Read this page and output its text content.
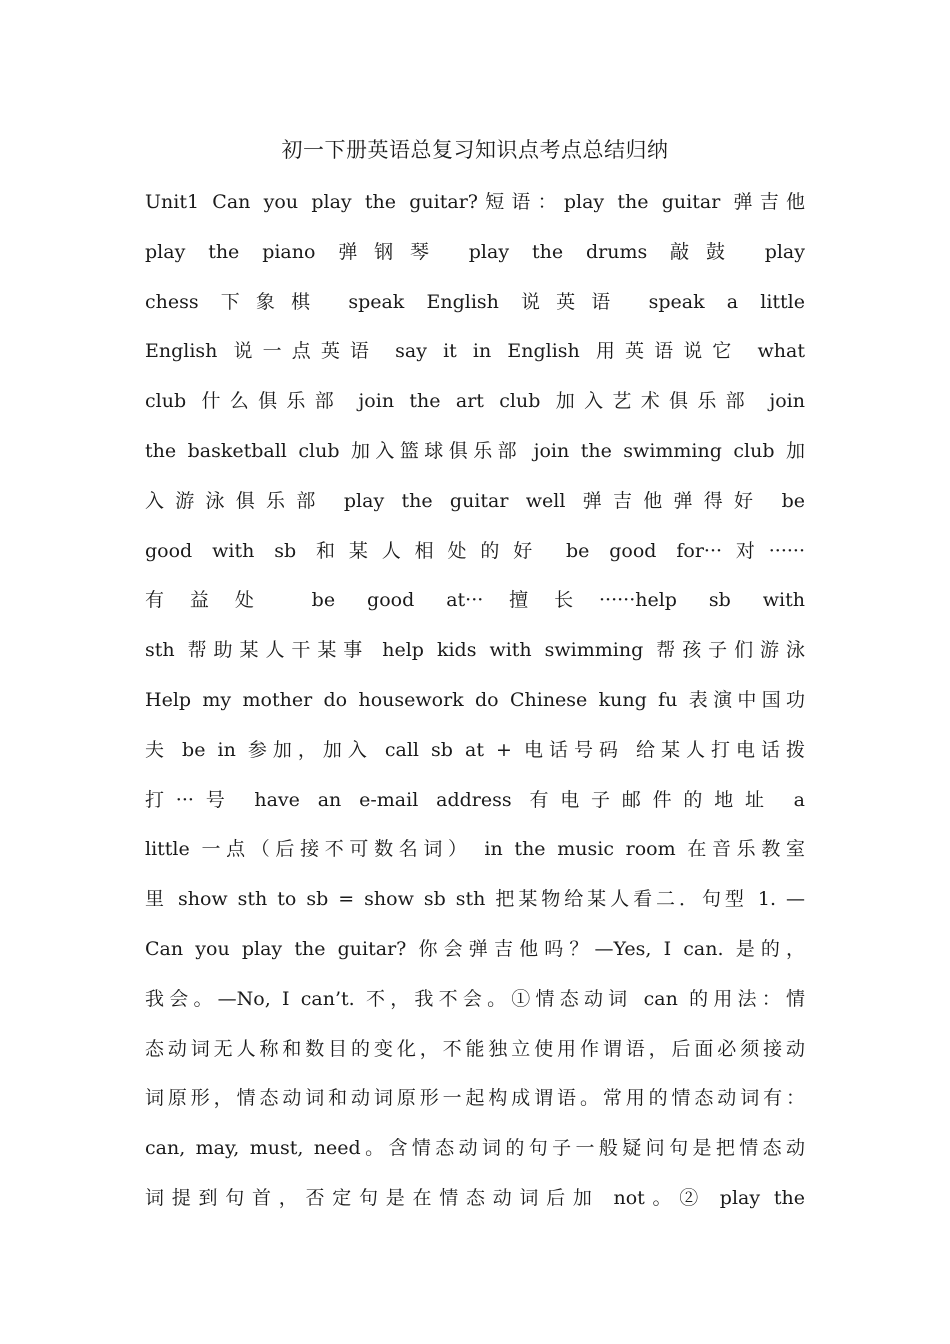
初一下册英语总复习知识点考点总结归纳
Unit1 Can you play the guitar?短语：play the guitar 弹吉他
play the piano 弹钢琴 play the drums 敲鼓 play
chess 下象棋 speak English 说英语 speak a little
English 说一点英语 say it in English 用英语说它 what
club 什么俱乐部 join the art club 加入艺术俱乐部 join
the basketball club 加入篮球俱乐部 join the swimming club 加
入游泳俱乐部 play the guitar well 弹吉他弹得好 be
good with sb 和某人相处的好 be good for···对······
有益处 be good at···擅长······help sb with
sth 帮助某人干某事 help kids with swimming 帮孩子们游泳
Help my mother do housework do Chinese kung fu 表演中国功
夫 be in 参加，加入 call sb at + 电话号码 给某人打电话拨
打···号 have an e-mail address 有电子邮件的地址 a
little 一点（后接不可数名词） in the music room 在音乐教室
里 show sth to sb = show sb sth 把某物给某人看二．句型 1. —
Can you play the guitar? 你会弹吉他吗？—Yes, I can. 是的，
我会。—No, I can’t. 不，我不会。①情态动词 can 的用法：情
态动词无人称和数目的变化，不能独立使用作谓语，后面必须接动
词原形，情态动词和动词原形一起构成谓语。常用的情态动词有：
can, may, must, need。含情态动词的句子一般疑问句是把情态动
词提到句首，否定句是在情态动词后加 not。② play the
